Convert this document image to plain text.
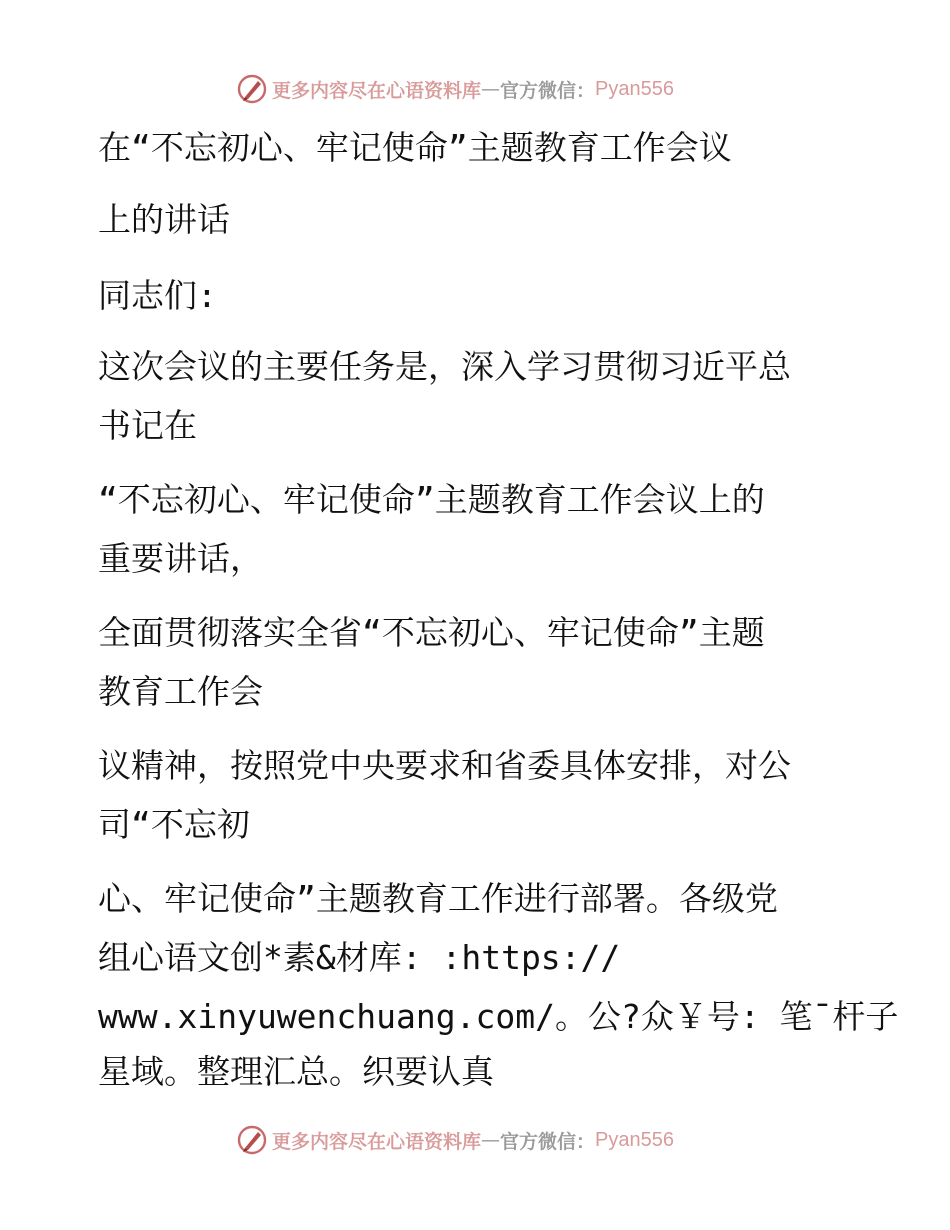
更多内容尽在心语资料库 — 官方微信： Pyan556
在“不忘初心、牢记使命”主题教育工作会议
上的讲话
同志们:
这次会议的主要任务是，深入学习贯彻习近平总
书记在
“不忘初心、牢记使命”主题教育工作会议上的
重要讲话，
全面贯彻落实全省“不忘初心、牢记使命”主题
教育工作会
议精神，按照党中央要求和省委具体安排，对公
司“不忘初
心、牢记使命”主题教育工作进行部署。各级党
组心语文创*素&材库: :https://
www.xinyuwenchuang.com/。公?众￥号: 笔¯杆子
星域。整理汇总。织要认真
更多内容尽在心语资料库 — 官方微信： Pyan556
